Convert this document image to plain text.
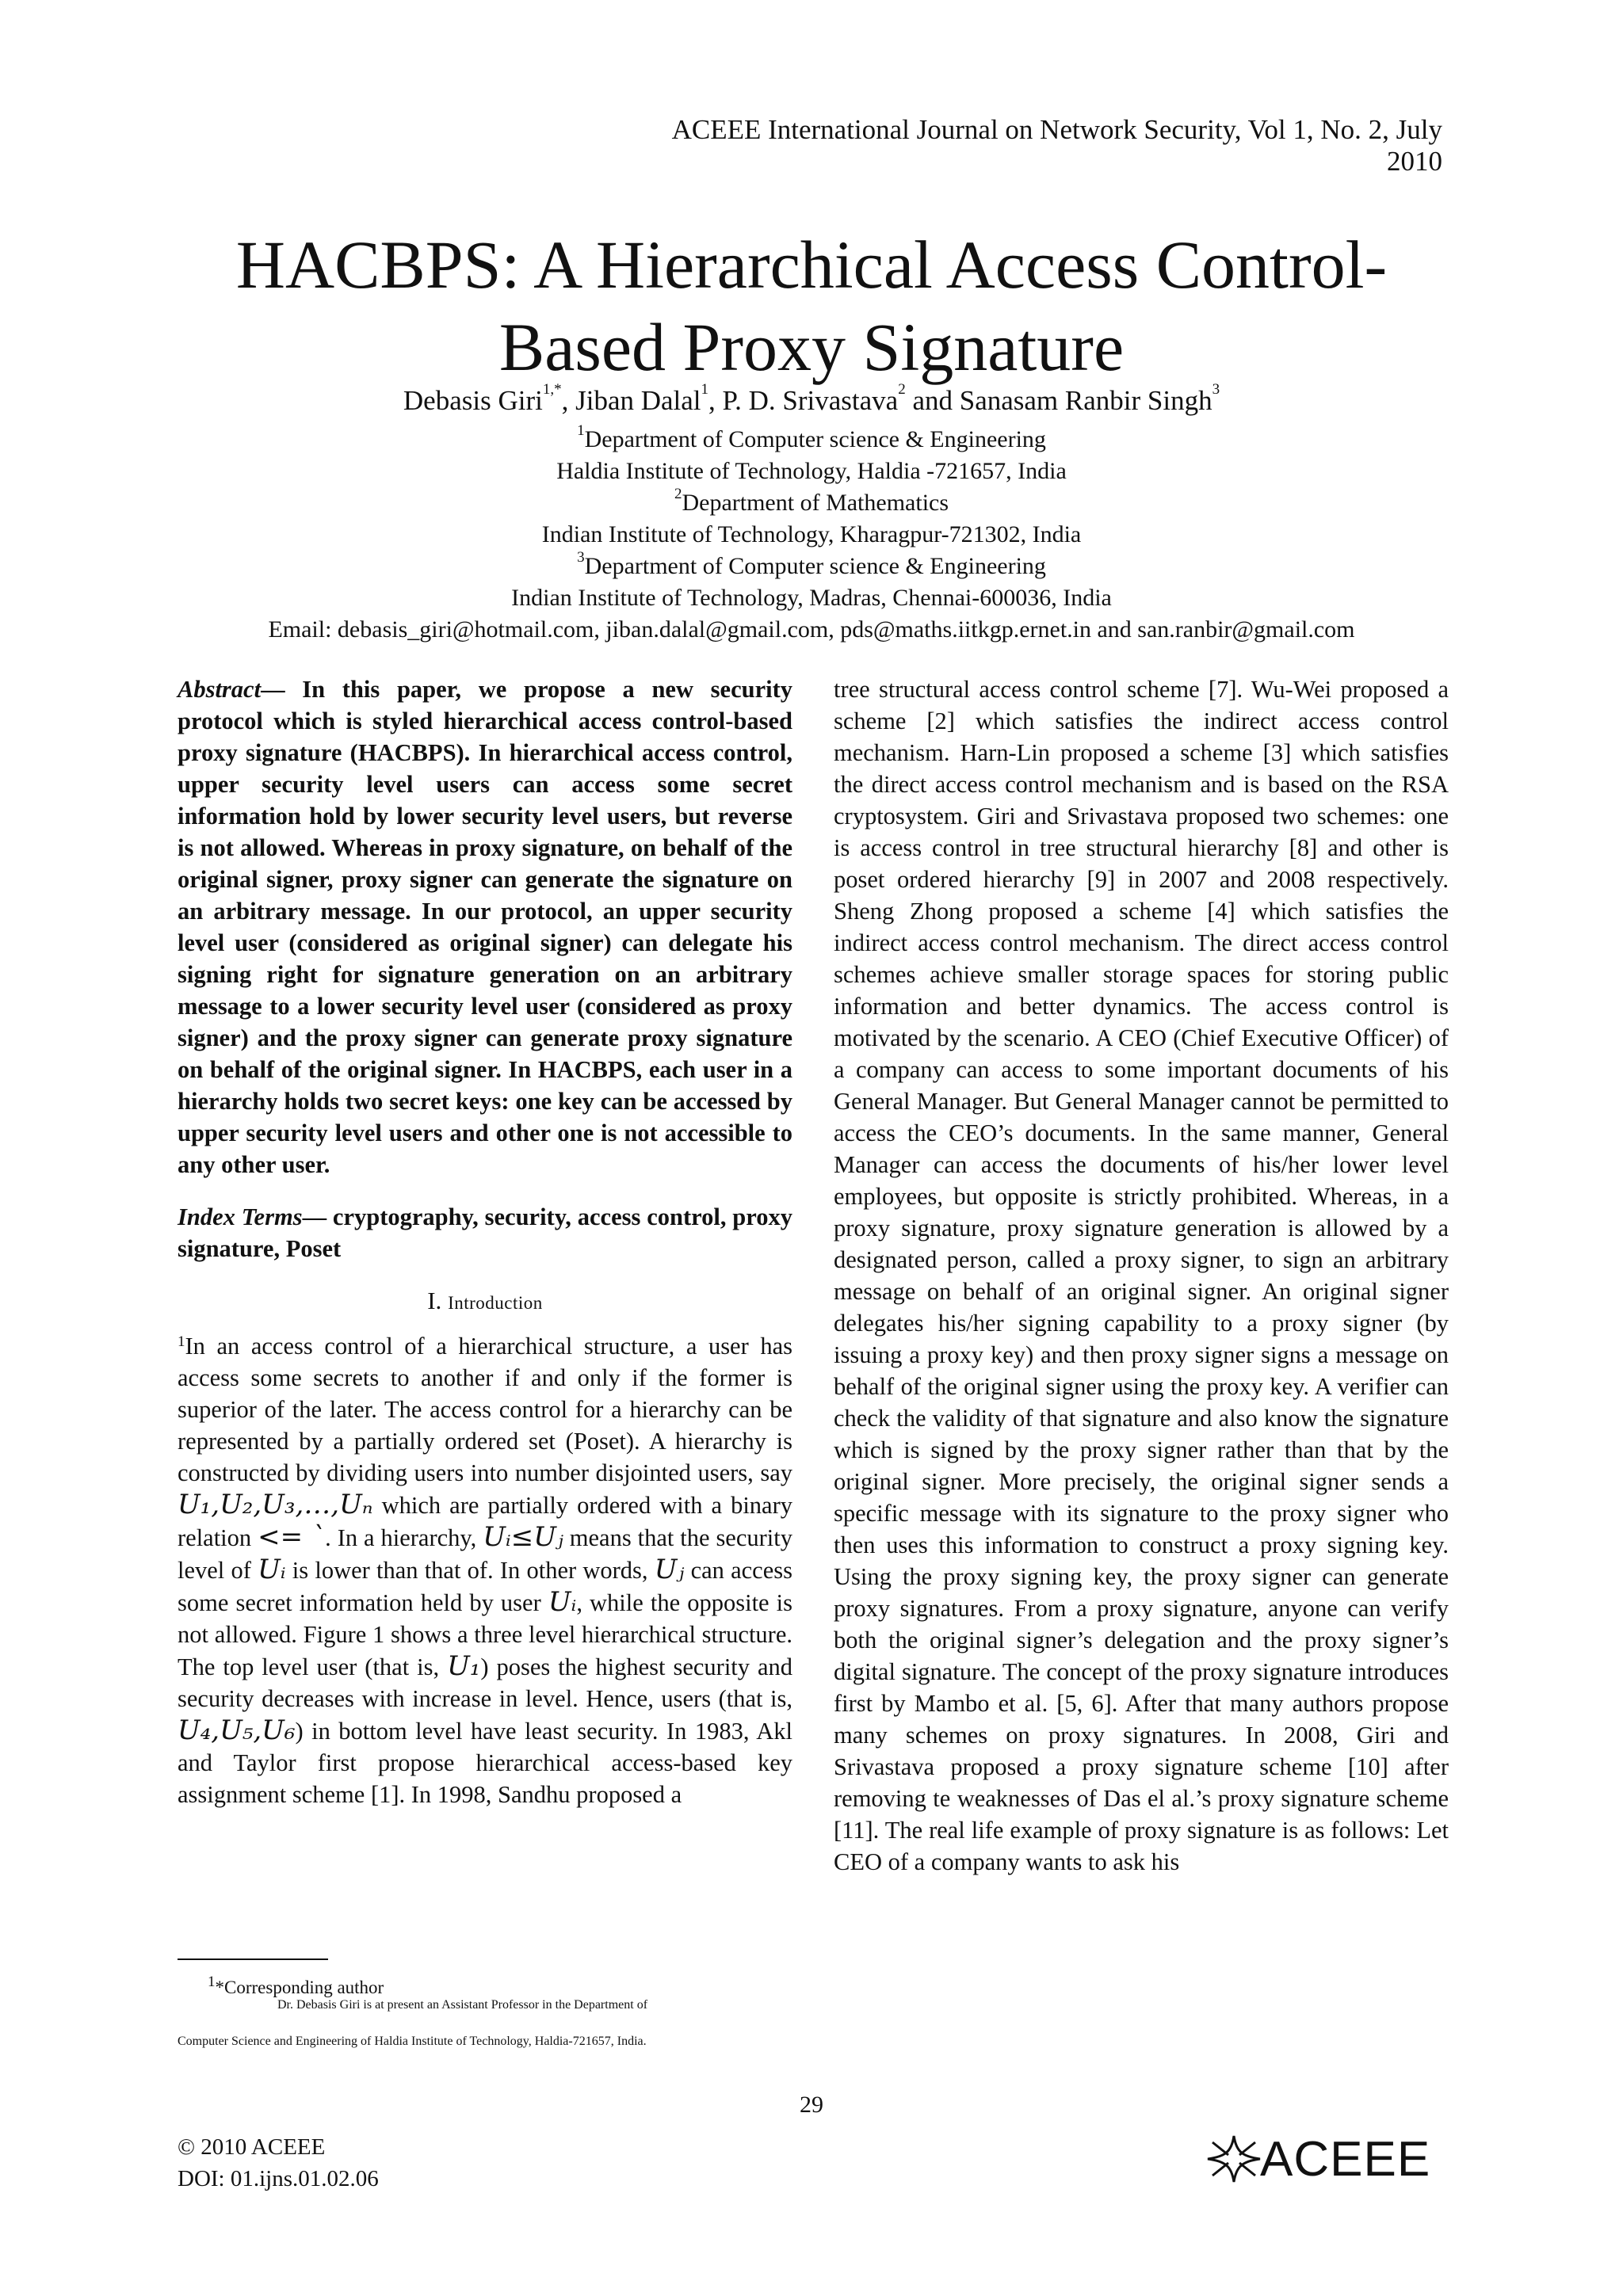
ACEEE International Journal on Network Security, Vol 1, No. 2, July 2010
HACBPS: A Hierarchical Access Control-
Based Proxy Signature
Debasis Giri$^{1,*}$, Jiban Dalal$^1$, P. D. Srivastava$^2$ and Sanasam Ranbir Singh$^3$
$^1$Department of Computer science & Engineering
Haldia Institute of Technology, Haldia -721657, India
$^2$Department of Mathematics
Indian Institute of Technology, Kharagpur-721302, India
$^3$Department of Computer science & Engineering
Indian Institute of Technology, Madras, Chennai-600036, India
Email: debasis_giri@hotmail.com, jiban.dalal@gmail.com, pds@maths.iitkgp.ernet.in and san.ranbir@gmail.com

Abstract— In this paper, we propose a new security protocol which is styled hierarchical access control-based proxy signature (HACBPS). In hierarchical access control, upper security level users can access some secret information hold by lower security level users, but reverse is not allowed. Whereas in proxy signature, on behalf of the original signer, proxy signer can generate the signature on an arbitrary message. In our protocol, an upper security level user (considered as original signer) can delegate his signing right for signature generation on an arbitrary message to a lower security level user (considered as proxy signer) and the proxy signer can generate proxy signature on behalf of the original signer. In HACBPS, each user in a hierarchy holds two secret keys: one key can be accessed by upper security level users and other one is not accessible to any other user.

Index Terms— cryptography, security, access control, proxy signature, Poset

I. Introduction

$^1$In an access control of a hierarchical structure, a user has access some secrets to another if and only if the former is superior of the later. The access control for a hierarchy can be represented by a partially ordered set (Poset). A hierarchy is constructed by dividing users into number disjointed users, say U₁,U₂,U₃,…,Uₙ which are partially ordered with a binary relation <= `. In a hierarchy, Uᵢ≤Uⱼ means that the security level of Uᵢ is lower than that of. In other words, Uⱼ can access some secret information held by user Uᵢ, while the opposite is not allowed. Figure 1 shows a three level hierarchical structure. The top level user (that is, U₁) poses the highest security and security decreases with increase in level. Hence, users (that is, U₄,U₅,U₆) in bottom level have least security. In 1983, Akl and Taylor first propose hierarchical access-based key assignment scheme [1]. In 1998, Sandhu proposed a

tree structural access control scheme [7]. Wu-Wei proposed a scheme [2] which satisfies the indirect access control mechanism. Harn-Lin proposed a scheme [3] which satisfies the direct access control mechanism and is based on the RSA cryptosystem. Giri and Srivastava proposed two schemes: one is access control in tree structural hierarchy [8] and other is poset ordered hierarchy [9] in 2007 and 2008 respectively. Sheng Zhong proposed a scheme [4] which satisfies the indirect access control mechanism. The direct access control schemes achieve smaller storage spaces for storing public information and better dynamics. The access control is motivated by the scenario. A CEO (Chief Executive Officer) of a company can access to some important documents of his General Manager. But General Manager cannot be permitted to access the CEO’s documents. In the same manner, General Manager can access the documents of his/her lower level employees, but opposite is strictly prohibited. Whereas, in a proxy signature, proxy signature generation is allowed by a designated person, called a proxy signer, to sign an arbitrary message on behalf of an original signer. An original signer delegates his/her signing capability to a proxy signer (by issuing a proxy key) and then proxy signer signs a message on behalf of the original signer using the proxy key. A verifier can check the validity of that signature and also know the signature which is signed by the proxy signer rather than that by the original signer. More precisely, the original signer sends a specific message with its signature to the proxy signer who then uses this information to construct a proxy signing key. Using the proxy signing key, the proxy signer can generate proxy signatures. From a proxy signature, anyone can verify both the original signer’s delegation and the proxy signer’s digital signature. The concept of the proxy signature introduces first by Mambo et al. [5, 6]. After that many authors propose many schemes on proxy signatures. In 2008, Giri and Srivastava proposed a proxy signature scheme [10] after removing te weaknesses of Das el al.’s proxy signature scheme [11]. The real life example of proxy signature is as follows: Let CEO of a company wants to ask his

$^1$*Corresponding author
Dr. Debasis Giri is at present an Assistant Professor in the Department of
Computer Science and Engineering of Haldia Institute of Technology, Haldia-721657, India.
29
© 2010 ACEEE
DOI: 01.ijns.01.02.06	ACEEE
